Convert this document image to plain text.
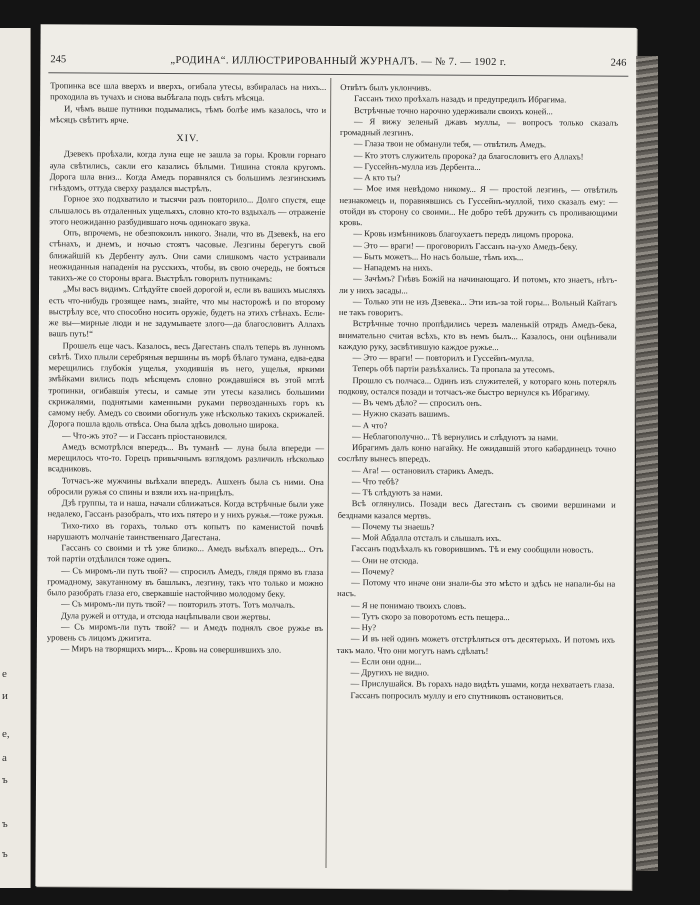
е
и
е,
а
ъ
ъ
ъ
245	„РОДИНА“. ИЛЛЮСТРИРОВАННЫЙ ЖУРНАЛЪ. — № 7. — 1902 г.	246

Тропинка все шла вверхъ и вверхъ, огибала утесы, взбиралась на нихъ... проходила въ тучахъ и снова выбѣгала подъ свѣтъ мѣсяца.

И, чѣмъ выше путники подымались, тѣмъ болѣе имъ казалось, что и мѣсяцъ свѣтитъ ярче.

XIV.

Дзевекъ проѣхали, когда луна еще не зашла за горы. Кровли горнаго аула свѣтились, сакли его казались бѣлыми. Тишина стояла кругомъ. Дорога шла вниз... Когда Амедъ поравнялся съ большимъ лезгинскимъ гнѣздомъ, оттуда сверху раздался выстрѣлъ.

Горное эхо подхватило и тысячи разъ повторило... Долго спустя, еще слышалось въ отдаленных ущельяхъ, словно кто-то вздыхалъ — отраженіе этого неожиданно разбудившаго ночь одинокаго звука.

Опъ, впрочемъ, не обезпокоилъ никого. Знали, что въ Дзевекѣ, на его стѣнахъ, и днемъ, и ночью стоятъ часовые. Лезгины берегутъ свой ближайшій къ Дербенту аулъ. Они сами слишкомъ часто устраивали неожиданныя нападенія на русскихъ, чтобы, въ свою очередь, не бояться такихъ-же со стороны врага. Выстрѣлъ говорилъ путникамъ:

„Мы васъ видимъ. Слѣдуйте своей дорогой и, если въ вашихъ мысляхъ есть что-нибудь грозящее намъ, знайте, что мы насторожѣ и по второму выстрѣлу все, что способно носить оружіе, будетъ на этихъ стѣнахъ. Если-же вы—мирные люди и не задумываете злого—да благословитъ Аллахъ вашъ путь!“

Прошелъ еще часъ. Казалось, весь Дагестанъ спалъ теперь въ лунномъ свѣтѣ. Тихо плыли серебряныя вершины въ морѣ бѣлаго тумана, едва-едва мерещились глубокія ущелья, уходившія въ него, ущелья, яркими змѣйками вились подъ мѣсяцемъ словно рождавшіяся въ этой мглѣ тропинки, огибавшія утесы, и самые эти утесы казались большими скрижалями, поднятыми каменными руками первозданныхъ горъ къ самому небу. Амедъ со своими обогнулъ уже нѣсколько такихъ скрижалей. Дорога пошла вдоль отвѣса. Она была здѣсь довольно широка.

— Что-жъ это? — и Гассанъ пріостановился.

Амедъ всмотрѣлся впередъ... Въ туманѣ — луна была впереди — мерещилось что-то. Горецъ привычнымъ взглядомъ различилъ нѣсколько всадниковъ.

Тотчасъ-же мужчины выѣхали впередъ. Ашхенъ была съ ними. Она обросили ружья со спины и взяли ихъ на-прицѣлъ.

Дзѣ группы, та и наша, начали сближаться. Когда встрѣчные были уже недалеко, Гассанъ разобралъ, что ихъ пятеро и у нихъ ружья.—тоже ружья.

Тихо-тихо въ горахъ, только отъ копытъ по каменистой почвѣ нарушаютъ молчаніе таинственнаго Дагестана.

Гассанъ со своими и тѣ уже близко... Амедъ выѣхалъ впередъ... Отъ той партіи отдѣлился тоже одинъ.

— Съ миромъ-ли путь твой? — спросилъ Амедъ, глядя прямо въ глаза громадному, закутанному въ башлыкъ, лезгину, такъ что только и можно было разобрать глаза его, сверкавшіе настойчиво молодому беку.

— Съ миромъ-ли путь твой? — повторилъ этотъ. Тотъ молчалъ.

Дула ружей и оттуда, и отсюда нацѣпывали свои жертвы.

— Съ миромъ-ли путь твой? — и Амедъ поднялъ свое ружье въ уровень съ лицомъ джигита.

— Миръ на творящихъ миръ... Кровь на совершившихъ зло.

Отвѣтъ былъ уклончивъ.

Гассанъ тихо проѣхалъ назадъ и предупредилъ Ибрагима.

Встрѣчные точно нарочно удерживали своихъ коней...

— Я вижу зеленый джавъ муллы, — вопросъ только сказалъ громадный лезгинъ.

— Глаза твои не обманули тебя, — отвѣтилъ Амедъ.

— Кто этотъ служитель пророка? да благословитъ его Аллахъ!

— Гуссейнъ-мулла изъ Дербента...

— А кто ты?

— Мое имя невѣдомо никому... Я — простой лезгинъ, — отвѣтилъ незнакомецъ и, поравнявшись съ Гуссейнъ-муллой, тихо сказалъ ему: — отойди въ сторону со своими... Не добро тебѣ дружить съ проливающими кровь.

— Кровь измѣнниковъ благоухаетъ передъ лицомъ пророка.

— Это — враги! — проговорилъ Гассанъ на-ухо Амедъ-беку.

— Быть можетъ... Но насъ больше, тѣмъ ихъ...

— Нападемъ на нихъ.

— Зачѣмъ? Гнѣвъ Божій на начинающаго. И потомъ, кто знаетъ, нѣтъ-ли у нихъ засады...

— Только эти не изъ Дзевека... Эти изъ-за той горы... Вольный Кайтагъ не такъ говоритъ.

Встрѣчные точно пропѣдились черезъ маленькій отрядъ Амедъ-бека, внимательно считая всѣхъ, кто въ немъ былъ... Казалось, они оцѣнивали каждую руку, засвѣтившую каждое ружье...

— Это — враги! — повторилъ и Гуссейнъ-мулла.

Теперь обѣ партіи разъѣхались. Та пропала за утесомъ.

Прошло съ полчаса... Одинъ изъ служителей, у котораго конь потерялъ подкову, остался позади и тотчасъ-же быстро вернулся къ Ибрагиму.

— Въ чемъ дѣло? — спросилъ онъ.

— Нужно сказать вашимъ.

— А что?

— Неблагополучно... Тѣ вернулись и слѣдуютъ за нами.

Ибрагимъ далъ коню нагайку. Не ожидавшій этого кабардинецъ точно сослѣпу вынесъ впередъ.

— Ага! — остановилъ старикъ Амедъ.

— Что тебѣ?

— Тѣ слѣдуютъ за нами.

Всѣ оглянулись. Позади весь Дагестанъ съ своими вершинами и безднами казался мертвъ.

— Почему ты знаешь?

— Мой Абдалла отсталъ и слышалъ ихъ.

Гассанъ подъѣхалъ къ говорившимъ. Тѣ и ему сообщили новость.

— Они не отсюда.

— Почему?

— Потому что иначе они знали-бы это мѣсто и здѣсь не напали-бы на насъ.

— Я не понимаю твоихъ словъ.

— Тутъ скоро за поворотомъ есть пещера...

— Ну?

— И въ ней одинъ можетъ отстрѣляться отъ десятерыхъ. И потомъ ихъ такъ мало. Что они могутъ намъ сдѣлать!

— Если они одни...

— Другихъ не видно.

— Прислушайся. Въ горахъ надо видѣть ушами, когда нехватаетъ глаза.

Гассанъ попросилъ муллу и его спутниковъ остановиться.
